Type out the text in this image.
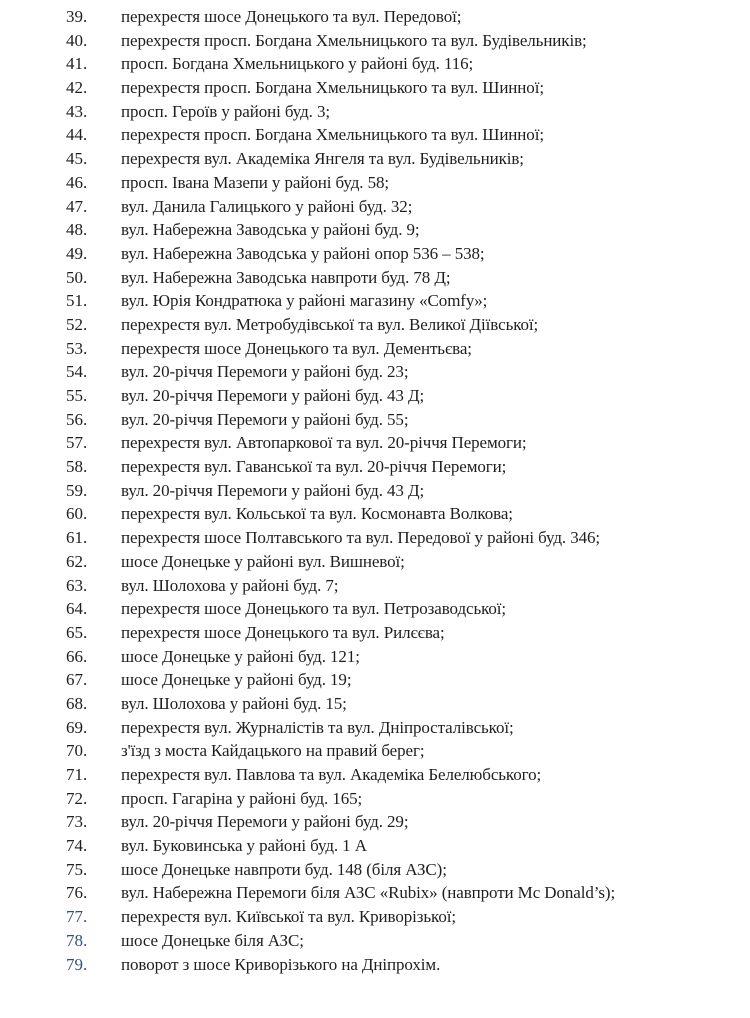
39.	перехрестя шосе Донецького та вул. Передової;
40.	перехрестя просп. Богдана Хмельницького та вул. Будівельників;
41.	просп. Богдана Хмельницького у районі буд. 116;
42.	перехрестя просп. Богдана Хмельницького та вул. Шинної;
43.	просп. Героїв у районі буд. 3;
44.	перехрестя просп. Богдана Хмельницького та вул. Шинної;
45.	перехрестя вул. Академіка Янгеля та вул. Будівельників;
46.	просп. Івана Мазепи у районі буд. 58;
47.	вул. Данила Галицького у районі буд. 32;
48.	вул. Набережна Заводська у районі буд. 9;
49.	вул. Набережна Заводська у районі опор 536 – 538;
50.	вул. Набережна Заводська навпроти буд. 78 Д;
51.	вул. Юрія Кондратюка у районі магазину «Comfy»;
52.	перехрестя вул. Метробудівської та вул. Великої Діївської;
53.	перехрестя шосе Донецького та вул. Дементьєва;
54.	вул. 20-річчя Перемоги у районі буд. 23;
55.	вул. 20-річчя Перемоги у районі буд. 43 Д;
56.	вул. 20-річчя Перемоги у районі буд. 55;
57.	перехрестя вул. Автопаркової та вул. 20-річчя Перемоги;
58.	перехрестя вул. Гаванської та вул. 20-річчя Перемоги;
59.	вул. 20-річчя Перемоги у районі буд. 43 Д;
60.	перехрестя вул. Кольської та вул. Космонавта Волкова;
61.	перехрестя шосе Полтавського та вул. Передової у районі буд. 346;
62.	шосе Донецьке у районі вул. Вишневої;
63.	вул. Шолохова у районі буд. 7;
64.	перехрестя шосе Донецького та вул. Петрозаводської;
65.	перехрестя шосе Донецького та вул. Рилєєва;
66.	шосе Донецьке у районі буд. 121;
67.	шосе Донецьке у районі буд. 19;
68.	вул. Шолохова у районі буд. 15;
69.	перехрестя вул. Журналістів та вул. Дніпросталівської;
70.	з'їзд з моста Кайдацького на правий берег;
71.	перехрестя вул. Павлова та вул. Академіка Белелюбського;
72.	просп. Гагаріна у районі буд. 165;
73.	вул. 20-річчя Перемоги у районі буд. 29;
74.	вул. Буковинська у районі буд. 1 А
75.	шосе Донецьке навпроти буд. 148 (біля АЗС);
76.	вул. Набережна Перемоги біля АЗС «Rubix» (навпроти Mc Donald’s);
77.	перехрестя вул. Київської та вул. Криворізької;
78.	шосе Донецьке біля АЗС;
79.	поворот з шосе Криворізького на Дніпрохім.
